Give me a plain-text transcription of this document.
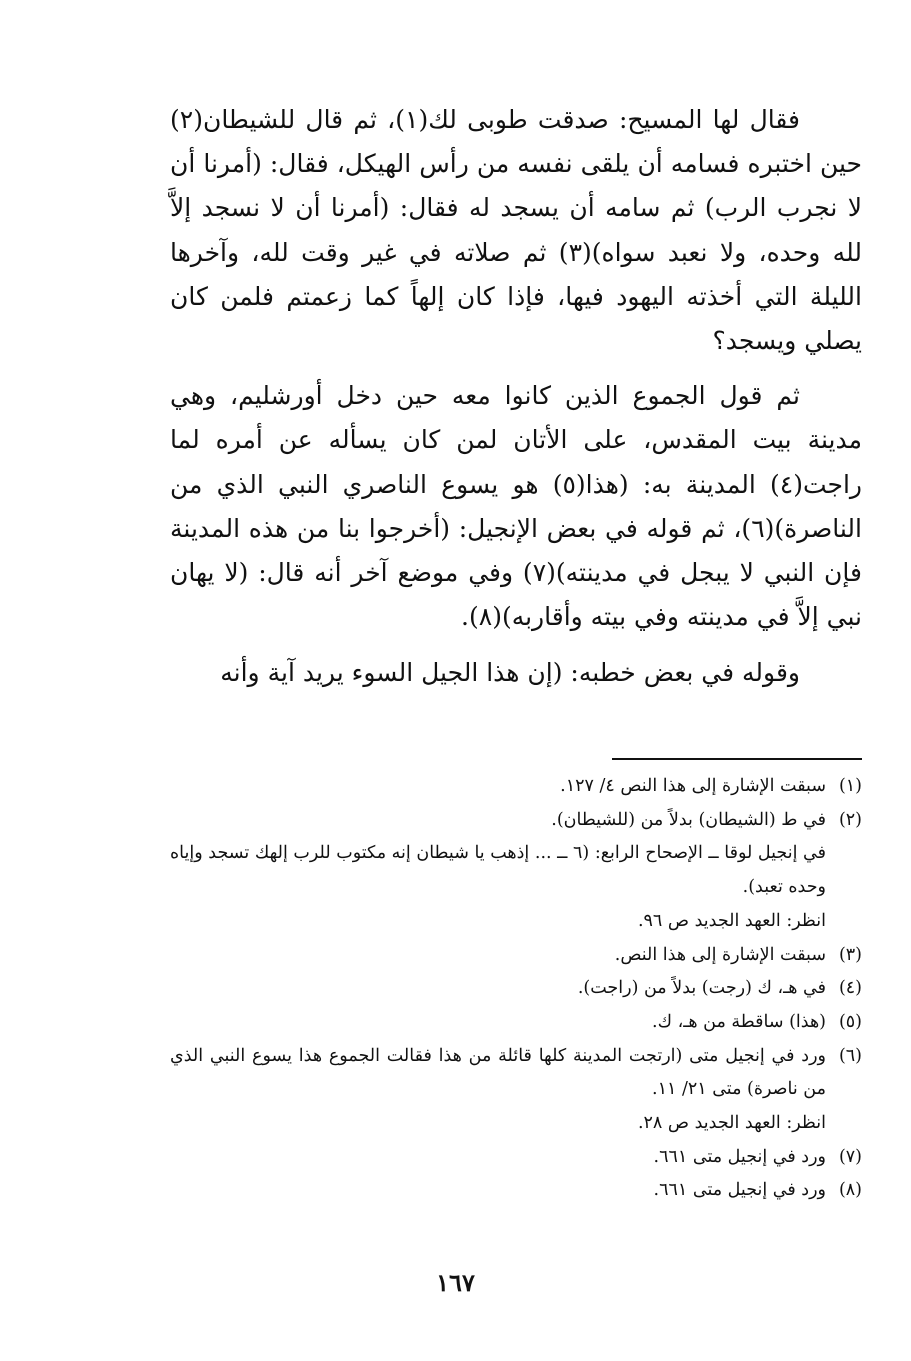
فقال لها المسيح: صدقت طوبى لك⁠(١)، ثم قال للشيطان⁠(٢) حين اختبره فسامه أن يلقى نفسه من رأس الهيكل، فقال: (أمرنا أن لا نجرب الرب) ثم سامه أن يسجد له فقال: (أمرنا أن لا نسجد إلاَّ لله وحده، ولا نعبد سواه)⁠(٣) ثم صلاته في غير وقت لله، وآخرها الليلة التي أخذته اليهود فيها، فإذا كان إلهاً كما زعمتم فلمن كان يصلي ويسجد؟

ثم قول الجموع الذين كانوا معه حين دخل أورشليم، وهي مدينة بيت المقدس، على الأتان لمن كان يسأله عن أمره لما راجت⁠(٤) المدينة به: (هذا⁠(٥) هو يسوع الناصري النبي الذي من الناصرة)⁠(٦)، ثم قوله في بعض الإنجيل: (أخرجوا بنا من هذه المدينة فإن النبي لا يبجل في مدينته)⁠(٧) وفي موضع آخر أنه قال: (لا يهان نبي إلاَّ في مدينته وفي بيته وأقاربه)⁠(٨).

وقوله في بعض خطبه: (إن هذا الجيل السوء يريد آية وأنه

(١)

سبقت الإشارة إلى هذا النص ٤/ ١٢٧.

(٢)

في ط (الشيطان) بدلاً من (للشيطان).

في إنجيل لوقا ــ الإصحاح الرابع: (٦ ــ ... إذهب يا شيطان إنه مكتوب للرب إلهك تسجد وإياه وحده تعبد).

انظر: العهد الجديد ص ٩٦.

(٣)

سبقت الإشارة إلى هذا النص.

(٤)

في هـ، ك (رجت) بدلاً من (راجت).

(٥)

(هذا) ساقطة من هـ، ك.

(٦)

ورد في إنجيل متى (ارتجت المدينة كلها قائلة من هذا فقالت الجموع هذا يسوع النبي الذي من ناصرة) متى ٢١/ ١١.

انظر: العهد الجديد ص ٢٨.

(٧)

ورد في إنجيل متى ٦٦١.

(٨)

ورد في إنجيل متى ٦٦١.

١٦٧
